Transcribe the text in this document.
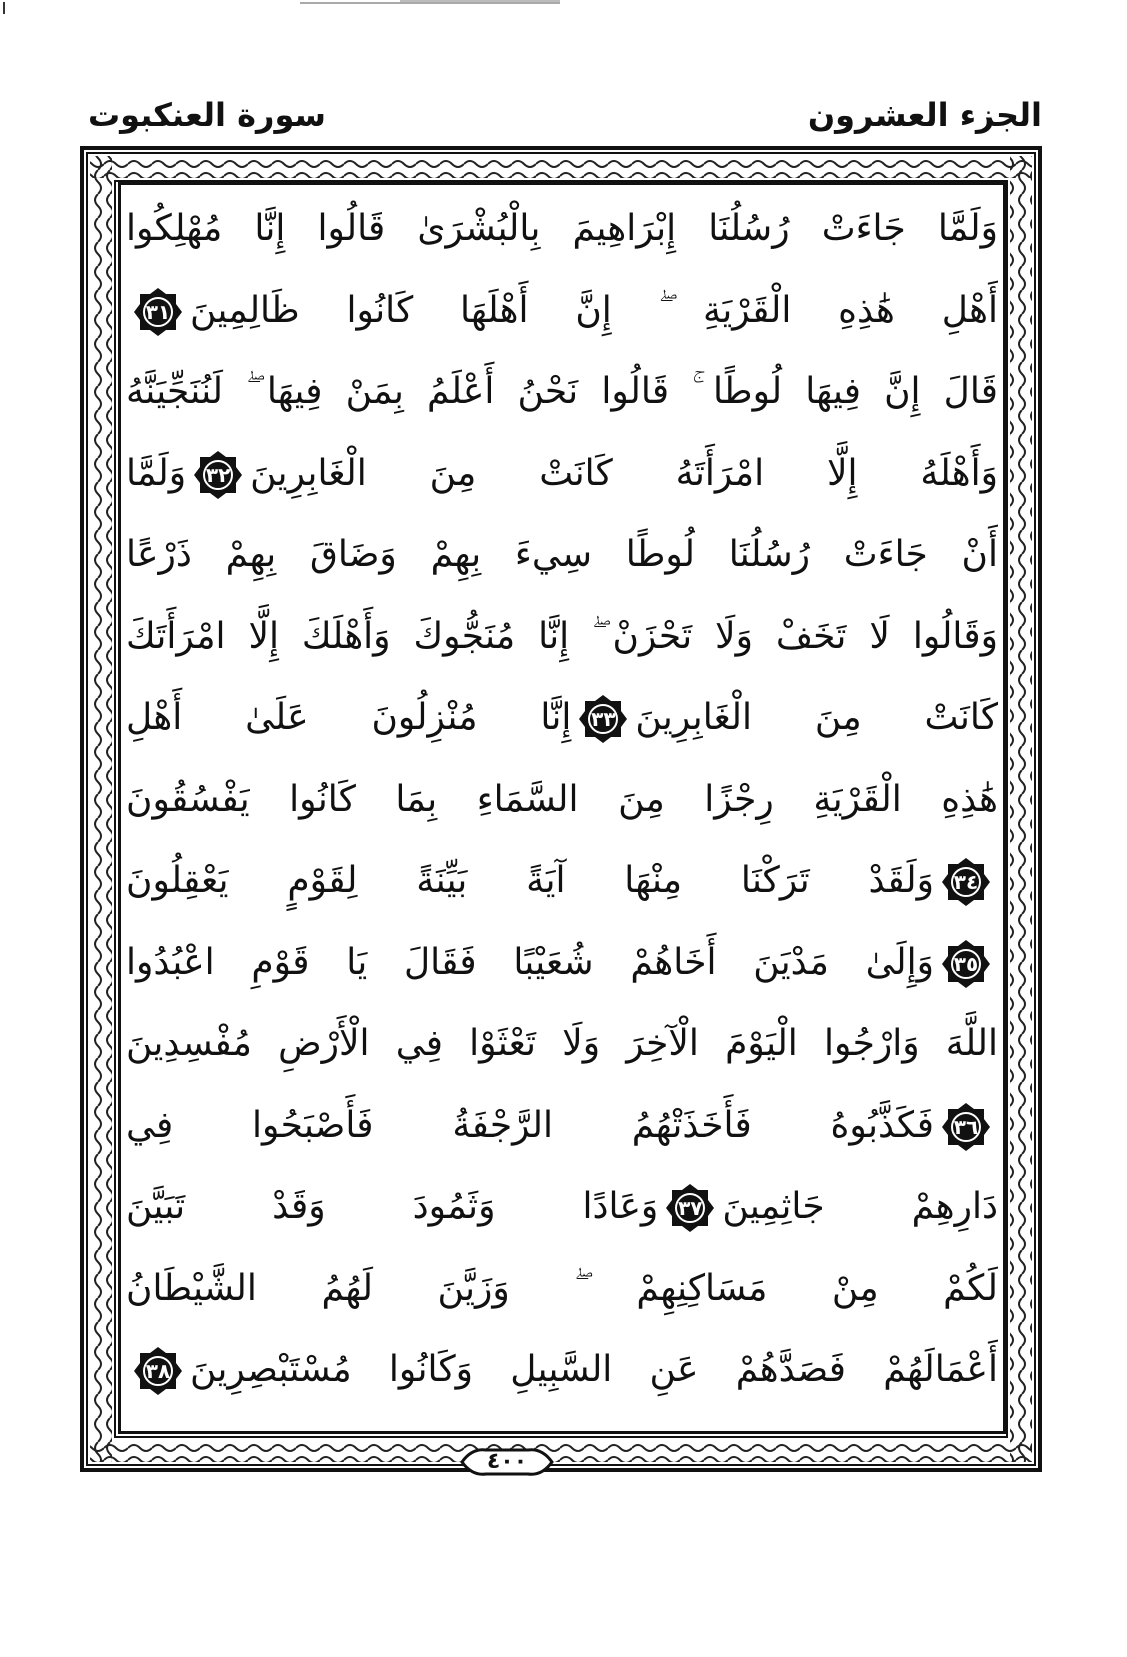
سورة العنكبوت	الجزء العشرون
وَلَمَّا جَاءَتْ رُسُلُنَا إِبْرَاهِيمَ بِالْبُشْرَىٰ قَالُوا إِنَّا مُهْلِكُوا
أَهْلِ هَٰذِهِ الْقَرْيَةِ ۖ إِنَّ أَهْلَهَا كَانُوا ظَالِمِينَ
٣١
قَالَ إِنَّ فِيهَا لُوطًا ۚ قَالُوا نَحْنُ أَعْلَمُ بِمَنْ فِيهَا ۖ لَنُنَجِّيَنَّهُ
وَأَهْلَهُ إِلَّا امْرَأَتَهُ كَانَتْ مِنَ الْغَابِرِينَ
٣٢
وَلَمَّا
أَنْ جَاءَتْ رُسُلُنَا لُوطًا سِيءَ بِهِمْ وَضَاقَ بِهِمْ ذَرْعًا
وَقَالُوا لَا تَخَفْ وَلَا تَحْزَنْ ۖ إِنَّا مُنَجُّوكَ وَأَهْلَكَ إِلَّا امْرَأَتَكَ
كَانَتْ مِنَ الْغَابِرِينَ
٣٣
إِنَّا مُنْزِلُونَ عَلَىٰ أَهْلِ
هَٰذِهِ الْقَرْيَةِ رِجْزًا مِنَ السَّمَاءِ بِمَا كَانُوا يَفْسُقُونَ
٣٤
وَلَقَدْ تَرَكْنَا مِنْهَا آيَةً بَيِّنَةً لِقَوْمٍ يَعْقِلُونَ
٣٥
وَإِلَىٰ مَدْيَنَ أَخَاهُمْ شُعَيْبًا فَقَالَ يَا قَوْمِ اعْبُدُوا
اللَّهَ وَارْجُوا الْيَوْمَ الْآخِرَ وَلَا تَعْثَوْا فِي الْأَرْضِ مُفْسِدِينَ
٣٦
فَكَذَّبُوهُ فَأَخَذَتْهُمُ الرَّجْفَةُ فَأَصْبَحُوا فِي
دَارِهِمْ جَاثِمِينَ
٣٧
وَعَادًا وَثَمُودَ وَقَدْ تَبَيَّنَ
لَكُمْ مِنْ مَسَاكِنِهِمْ ۖ وَزَيَّنَ لَهُمُ الشَّيْطَانُ
أَعْمَالَهُمْ فَصَدَّهُمْ عَنِ السَّبِيلِ وَكَانُوا مُسْتَبْصِرِينَ
٣٨
٤٠٠
